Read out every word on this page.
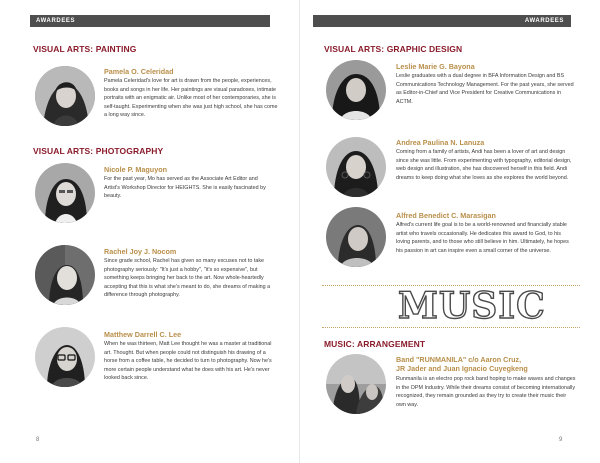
AWARDEES
VISUAL ARTS: PAINTING
Pamela O. Celeridad
Pamela Celeridad's love for art is drawn from the people, experiences, books and songs in her life. Her paintings are visual paradoxes, intimate portraits with an enigmatic air. Unlike most of her contemporaries, she is self-taught. Experimenting when she was just high school, she has come a long way since.
VISUAL ARTS: PHOTOGRAPHY
Nicole P. Maguyon
For the past year, Mo has served as the Associate Art Editor and Artist's Workshop Director for HEIGHTS. She is easily fascinated by beauty.
Rachel Joy J. Nocom
Since grade school, Rachel has given so many excuses not to take photography seriously: "It's just a hobby", "it's so expensive", but something keeps bringing her back to the art. Now whole-heartedly accepting that this is what she's meant to do, she dreams of making a difference through photography.
Matthew Darrell C. Lee
When he was thirteen, Matt Lee thought he was a master at traditional art. Thought. But when people could not distinguish his drawing of a horse from a coffee table, he decided to turn to photography. Now he's more certain people understand what he does with his art. He's never looked back since.
8
AWARDEES
VISUAL ARTS: GRAPHIC DESIGN
Leslie Marie G. Bayona
Leslie graduates with a dual degree in BFA Information Design and BS Communications Technology Management. For the past years, she served as Editor-in-Chief and Vice President for Creative Communications in ACTM.
Andrea Paulina N. Lanuza
Coming from a family of artists, Andi has been a lover of art and design since she was little. From experimenting with typography, editorial design, web design and illustration, she has discovered herself in this field. Andi dreams to keep doing what she loves as she explores the world beyond.
Alfred Benedict C. Marasigan
Alfred's current life goal is to be a world-renowned and financially stable artist who travels occasionally. He dedicates this award to God, to his loving parents, and to those who still believe in him. Ultimately, he hopes his passion in art can inspire even a small corner of the universe.
MUSIC
MUSIC: ARRANGEMENT
Band "RUNMANILA" c/o Aaron Cruz,
JR Jader and Juan Ignacio Cuyegkeng
Runmanila is an electro pop rock band hoping to make waves and changes in the OPM Industry. While their dreams consist of becoming internationally recognized, they remain grounded as they try to create their music their own way.
9
